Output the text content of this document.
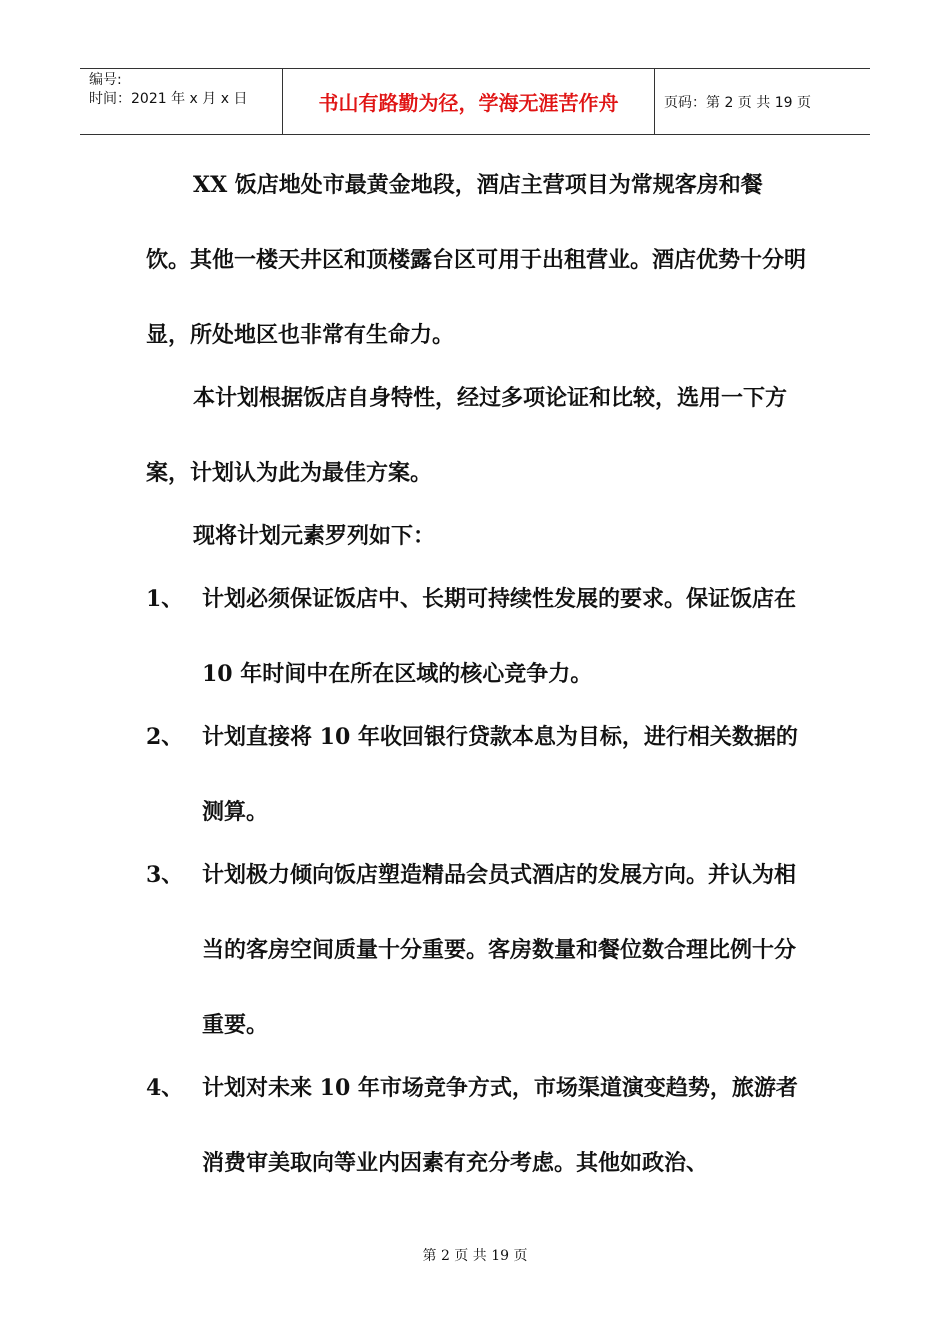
编号:
时间：2021 年 x 月 x 日	书山有路勤为径，学海无涯苦作舟	页码：第 2 页 共 19 页

XX 饭店地处市最黄金地段，酒店主营项目为常规客房和餐饮。其他一楼天井区和顶楼露台区可用于出租营业。酒店优势十分明显，所处地区也非常有生命力。

本计划根据饭店自身特性，经过多项论证和比较，选用一下方案，计划认为此为最佳方案。

现将计划元素罗列如下：

1、 计划必须保证饭店中、长期可持续性发展的要求。保证饭店在 10 年时间中在所在区域的核心竞争力。
2、 计划直接将 10 年收回银行贷款本息为目标，进行相关数据的测算。
3、 计划极力倾向饭店塑造精品会员式酒店的发展方向。并认为相当的客房空间质量十分重要。客房数量和餐位数合理比例十分重要。
4、 计划对未来 10 年市场竞争方式，市场渠道演变趋势，旅游者消费审美取向等业内因素有充分考虑。其他如政治、
第 2 页 共 19 页
